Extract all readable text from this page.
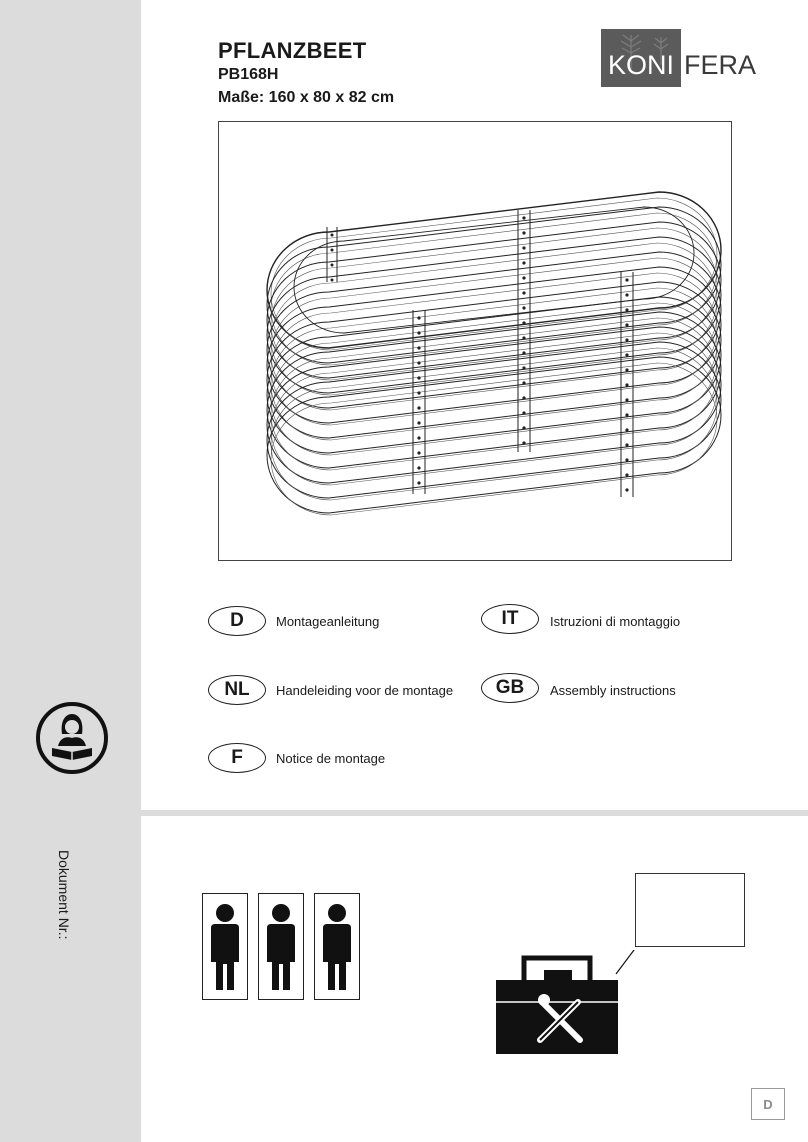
PFLANZBEET
PB168H
Maße: 160 x 80 x 82 cm
KONI FERA
D	Montageanleitung	IT	Istruzioni di montaggio
NL	Handeleiding voor de montage	GB	Assembly instructions
F	Notice de montage
Dokument Nr.:
D
